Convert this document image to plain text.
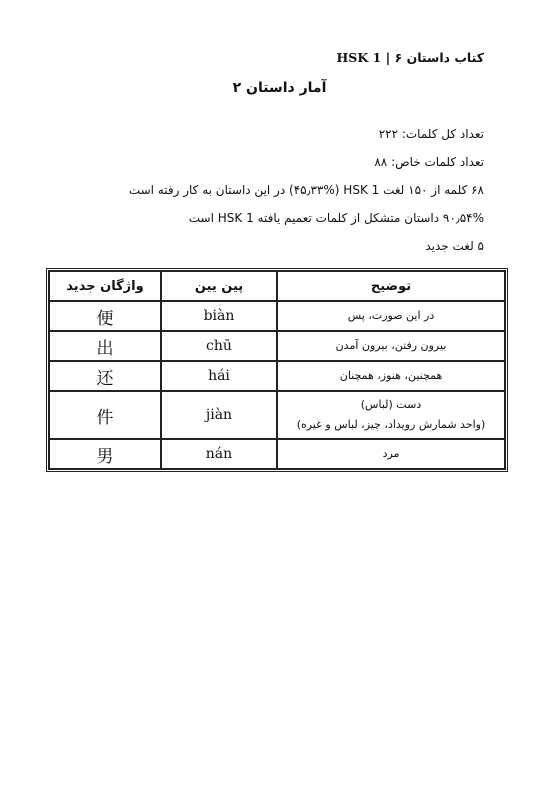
کتاب داستان HSK 1 | ۶
آمار داستان ۲
تعداد کل کلمات: ۲۲۲
تعداد کلمات خاص: ۸۸
۶۸ کلمه از ۱۵۰ لغت HSK 1 (۴۵٫۳۳%) در این داستان به کار رفته است
۹۰٫۵۴% داستان متشکل از کلمات تعمیم یافته HSK 1 است
۵ لغت جدید
توضیح	پین یین	واژگان جدید

در این صورت، پس	biàn	便

بیرون رفتن، بیرون آمدن	chū	出

همچنین، هنوز، همچنان	hái	还

دست (لباس)
(واحد شمارش رویداد، چیز، لباس و غیره)	jiàn	件

مرد	nán	男
